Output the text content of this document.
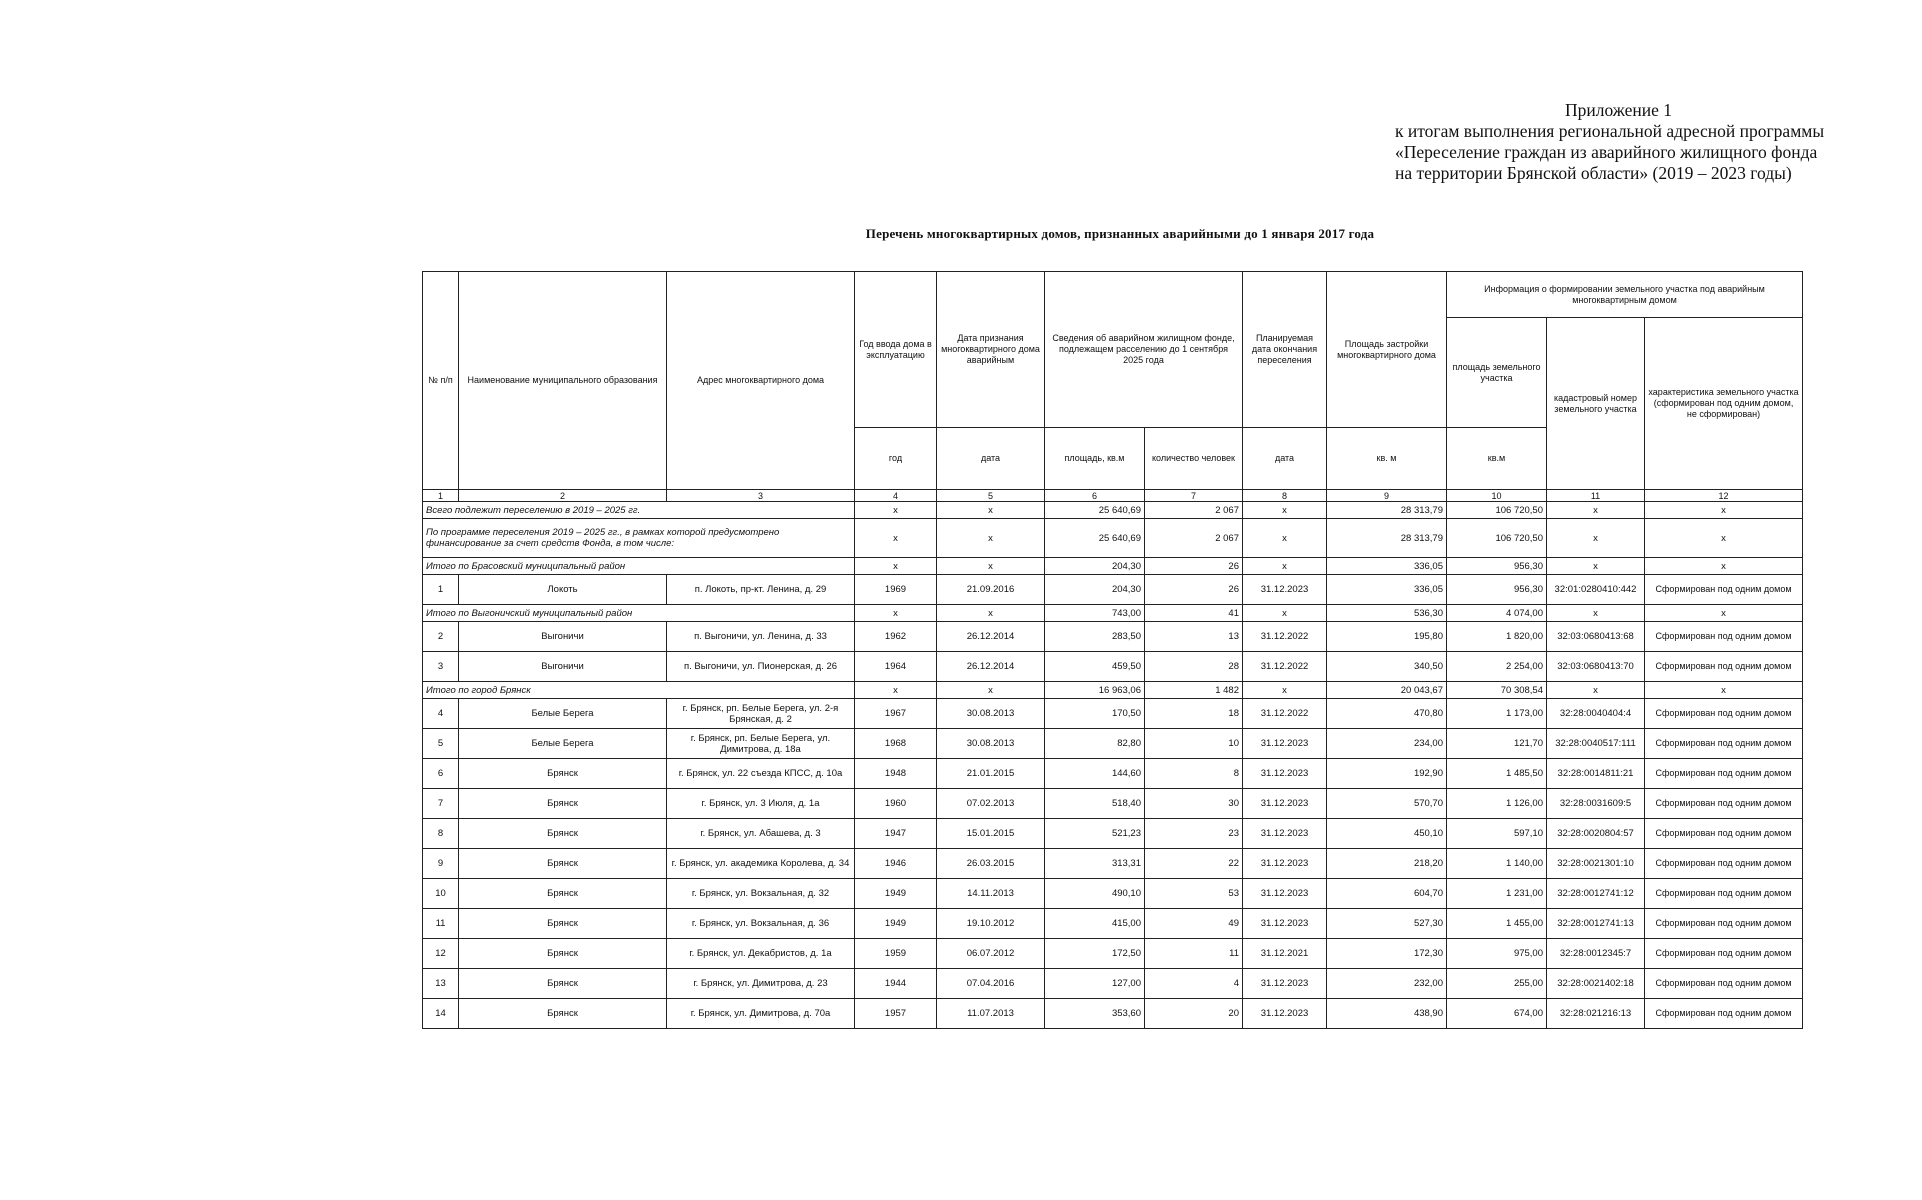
Приложение 1
к итогам выполнения региональной адресной программы
«Переселение граждан из аварийного жилищного фонда
на территории Брянской области» (2019 – 2023 годы)
Перечень многоквартирных домов, признанных аварийными до 1 января 2017 года
№ п/п	Наименование муниципального образования	Адрес многоквартирного дома	Год ввода дома в эксплуатацию	Дата признания многоквартирного дома аварийным	Сведения об аварийном жилищном фонде, подлежащем расселению до 1 сентября 2025 года		Планируемая дата окончания переселения	Площадь застройки многоквартирного дома	Информация о формировании земельного участка под аварийным многоквартирным домом		
									площадь земельного участка	кадастровый номер земельного участка	характеристика земельного участка (сформирован под одним домом, не сформирован)
			год	дата	площадь, кв.м	количество человек	дата	кв. м	кв.м		
1	2	3	4	5	6	7	8	9	10	11	12
Всего подлежит переселению в 2019 – 2025 гг.			x	x	25 640,69	2 067	x	28 313,79	106 720,50	x	x
По программе переселения 2019 – 2025 гг., в рамках которой предусмотрено финансирование за счет средств Фонда, в том числе:			x	x	25 640,69	2 067	x	28 313,79	106 720,50	x	x
Итого по Брасовский муниципальный район			x	x	204,30	26	x	336,05	956,30	x	x
1	Локоть	п. Локоть, пр-кт. Ленина, д. 29	1969	21.09.2016	204,30	26	31.12.2023	336,05	956,30	32:01:0280410:442	Сформирован под одним домом
Итого по Выгоничский муниципальный район			x	x	743,00	41	x	536,30	4 074,00	x	x
2	Выгоничи	п. Выгоничи, ул. Ленина, д. 33	1962	26.12.2014	283,50	13	31.12.2022	195,80	1 820,00	32:03:0680413:68	Сформирован под одним домом
3	Выгоничи	п. Выгоничи, ул. Пионерская, д. 26	1964	26.12.2014	459,50	28	31.12.2022	340,50	2 254,00	32:03:0680413:70	Сформирован под одним домом
Итого по город Брянск			x	x	16 963,06	1 482	x	20 043,67	70 308,54	x	x
4	Белые Берега	г. Брянск, рп. Белые Берега, ул. 2-я Брянская, д. 2	1967	30.08.2013	170,50	18	31.12.2022	470,80	1 173,00	32:28:0040404:4	Сформирован под одним домом
5	Белые Берега	г. Брянск, рп. Белые Берега, ул. Димитрова, д. 18а	1968	30.08.2013	82,80	10	31.12.2023	234,00	121,70	32:28:0040517:111	Сформирован под одним домом
6	Брянск	г. Брянск, ул. 22 съезда КПСС, д. 10а	1948	21.01.2015	144,60	8	31.12.2023	192,90	1 485,50	32:28:0014811:21	Сформирован под одним домом
7	Брянск	г. Брянск, ул. 3 Июля, д. 1а	1960	07.02.2013	518,40	30	31.12.2023	570,70	1 126,00	32:28:0031609:5	Сформирован под одним домом
8	Брянск	г. Брянск, ул. Абашева, д. 3	1947	15.01.2015	521,23	23	31.12.2023	450,10	597,10	32:28:0020804:57	Сформирован под одним домом
9	Брянск	г. Брянск, ул. академика Королева, д. 34	1946	26.03.2015	313,31	22	31.12.2023	218,20	1 140,00	32:28:0021301:10	Сформирован под одним домом
10	Брянск	г. Брянск, ул. Вокзальная, д. 32	1949	14.11.2013	490,10	53	31.12.2023	604,70	1 231,00	32:28:0012741:12	Сформирован под одним домом
11	Брянск	г. Брянск, ул. Вокзальная, д. 36	1949	19.10.2012	415,00	49	31.12.2023	527,30	1 455,00	32:28:0012741:13	Сформирован под одним домом
12	Брянск	г. Брянск, ул. Декабристов, д. 1а	1959	06.07.2012	172,50	11	31.12.2021	172,30	975,00	32:28:0012345:7	Сформирован под одним домом
13	Брянск	г. Брянск, ул. Димитрова, д. 23	1944	07.04.2016	127,00	4	31.12.2023	232,00	255,00	32:28:0021402:18	Сформирован под одним домом
14	Брянск	г. Брянск, ул. Димитрова, д. 70а	1957	11.07.2013	353,60	20	31.12.2023	438,90	674,00	32:28:021216:13	Сформирован под одним домом
